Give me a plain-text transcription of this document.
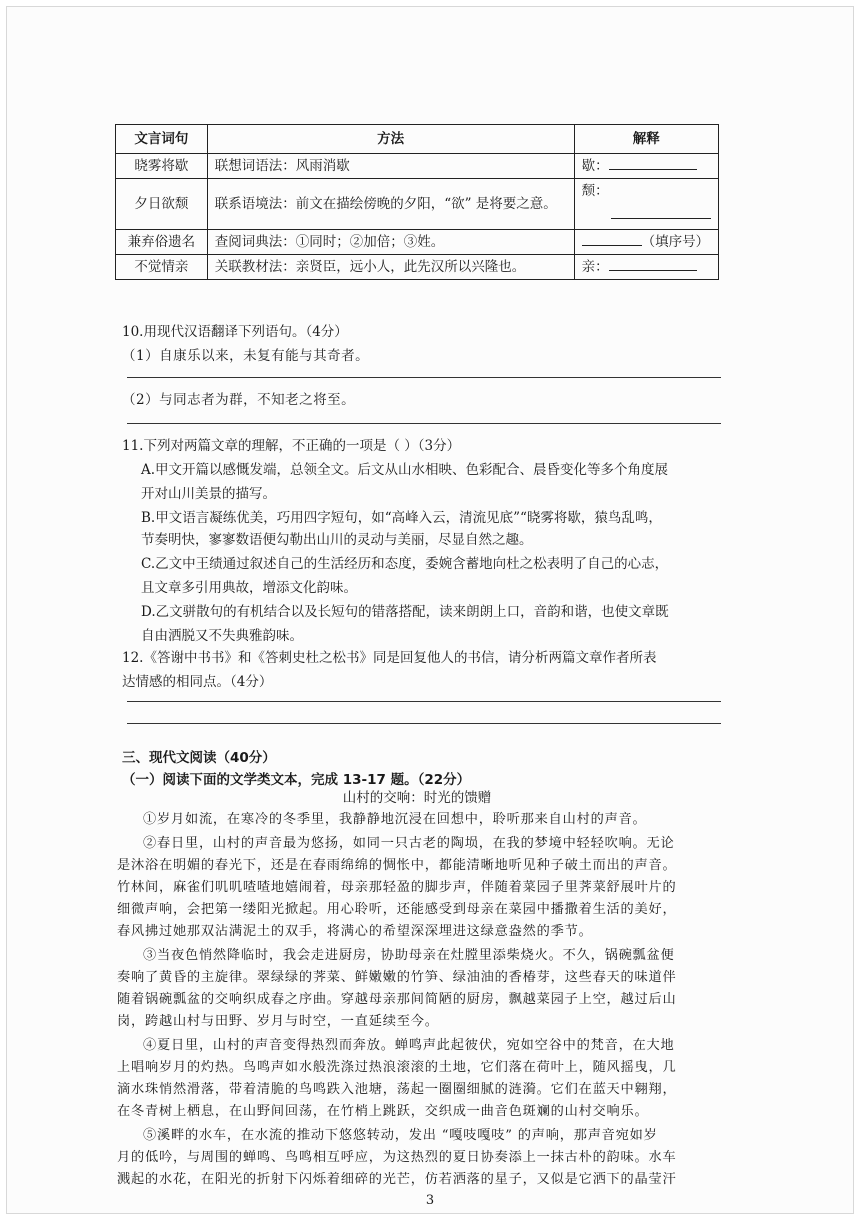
文言词句	方法	解释
晓雾将歇	联想词语法：风雨消歇	歇：
夕日欲颓	联系语境法：前文在描绘傍晚的夕阳，“欲” 是将要之意。	颓：

兼弃俗遗名	查阅词典法：①同时；②加倍；③姓。	（填序号）
不觉情亲	关联教材法：亲贤臣，远小人，此先汉所以兴隆也。	亲：
10.用现代汉语翻译下列语句。（4分）
（1）自康乐以来，未复有能与其奇者。
（2）与同志者为群，不知老之将至。
11.下列对两篇文章的理解，不正确的一项是（ ）（3分）
A.甲文开篇以感慨发端，总领全文。后文从山水相映、色彩配合、晨昏变化等多个角度展
开对山川美景的描写。
B.甲文语言凝练优美，巧用四字短句，如“高峰入云，清流见底”“晓雾将歇，猿鸟乱鸣，
节奏明快，寥寥数语便勾勒出山川的灵动与美丽，尽显自然之趣。
C.乙文中王绩通过叙述自己的生活经历和态度，委婉含蓄地向杜之松表明了自己的心志，
且文章多引用典故，增添文化韵味。
D.乙文骈散句的有机结合以及长短句的错落搭配，读来朗朗上口，音韵和谐，也使文章既
自由洒脱又不失典雅韵味。
12.《答谢中书书》和《答刺史杜之松书》同是回复他人的书信，请分析两篇文章作者所表
达情感的相同点。（4分）
三、现代文阅读（40分）
（一）阅读下面的文学类文本，完成 13-17 题。（22分）
山村的交响：时光的馈赠
①岁月如流，在寒冷的冬季里，我静静地沉浸在回想中，聆听那来自山村的声音。
②春日里，山村的声音最为悠扬，如同一只古老的陶埙，在我的梦境中轻轻吹响。无论
是沐浴在明媚的春光下，还是在春雨绵绵的惆怅中，都能清晰地听见种子破土而出的声音。
竹林间，麻雀们叽叽喳喳地嬉闹着，母亲那轻盈的脚步声，伴随着菜园子里荠菜舒展叶片的
细微声响，会把第一缕阳光掀起。用心聆听，还能感受到母亲在菜园中播撒着生活的美好，
春风拂过她那双沾满泥土的双手，将满心的希望深深埋进这绿意盎然的季节。
③当夜色悄然降临时，我会走进厨房，协助母亲在灶膛里添柴烧火。不久，锅碗瓢盆便
奏响了黄昏的主旋律。翠绿绿的荠菜、鲜嫩嫩的竹笋、绿油油的香椿芽，这些春天的味道伴
随着锅碗瓢盆的交响织成春之序曲。穿越母亲那间简陋的厨房，飘越菜园子上空，越过后山
岗，跨越山村与田野、岁月与时空，一直延续至今。
④夏日里，山村的声音变得热烈而奔放。蝉鸣声此起彼伏，宛如空谷中的梵音，在大地
上唱响岁月的灼热。鸟鸣声如水般洗涤过热浪滚滚的土地，它们落在荷叶上，随风摇曳，几
滴水珠悄然滑落，带着清脆的鸟鸣跌入池塘，荡起一圈圈细腻的涟漪。它们在蓝天中翱翔，
在冬青树上栖息，在山野间回荡，在竹梢上跳跃，交织成一曲音色斑斓的山村交响乐。
⑤溪畔的水车，在水流的推动下悠悠转动，发出 “嘎吱嘎吱” 的声响，那声音宛如岁
月的低吟，与周围的蝉鸣、鸟鸣相互呼应，为这热烈的夏日协奏添上一抹古朴的韵味。水车
溅起的水花，在阳光的折射下闪烁着细碎的光芒，仿若洒落的星子，又似是它洒下的晶莹汗
3
